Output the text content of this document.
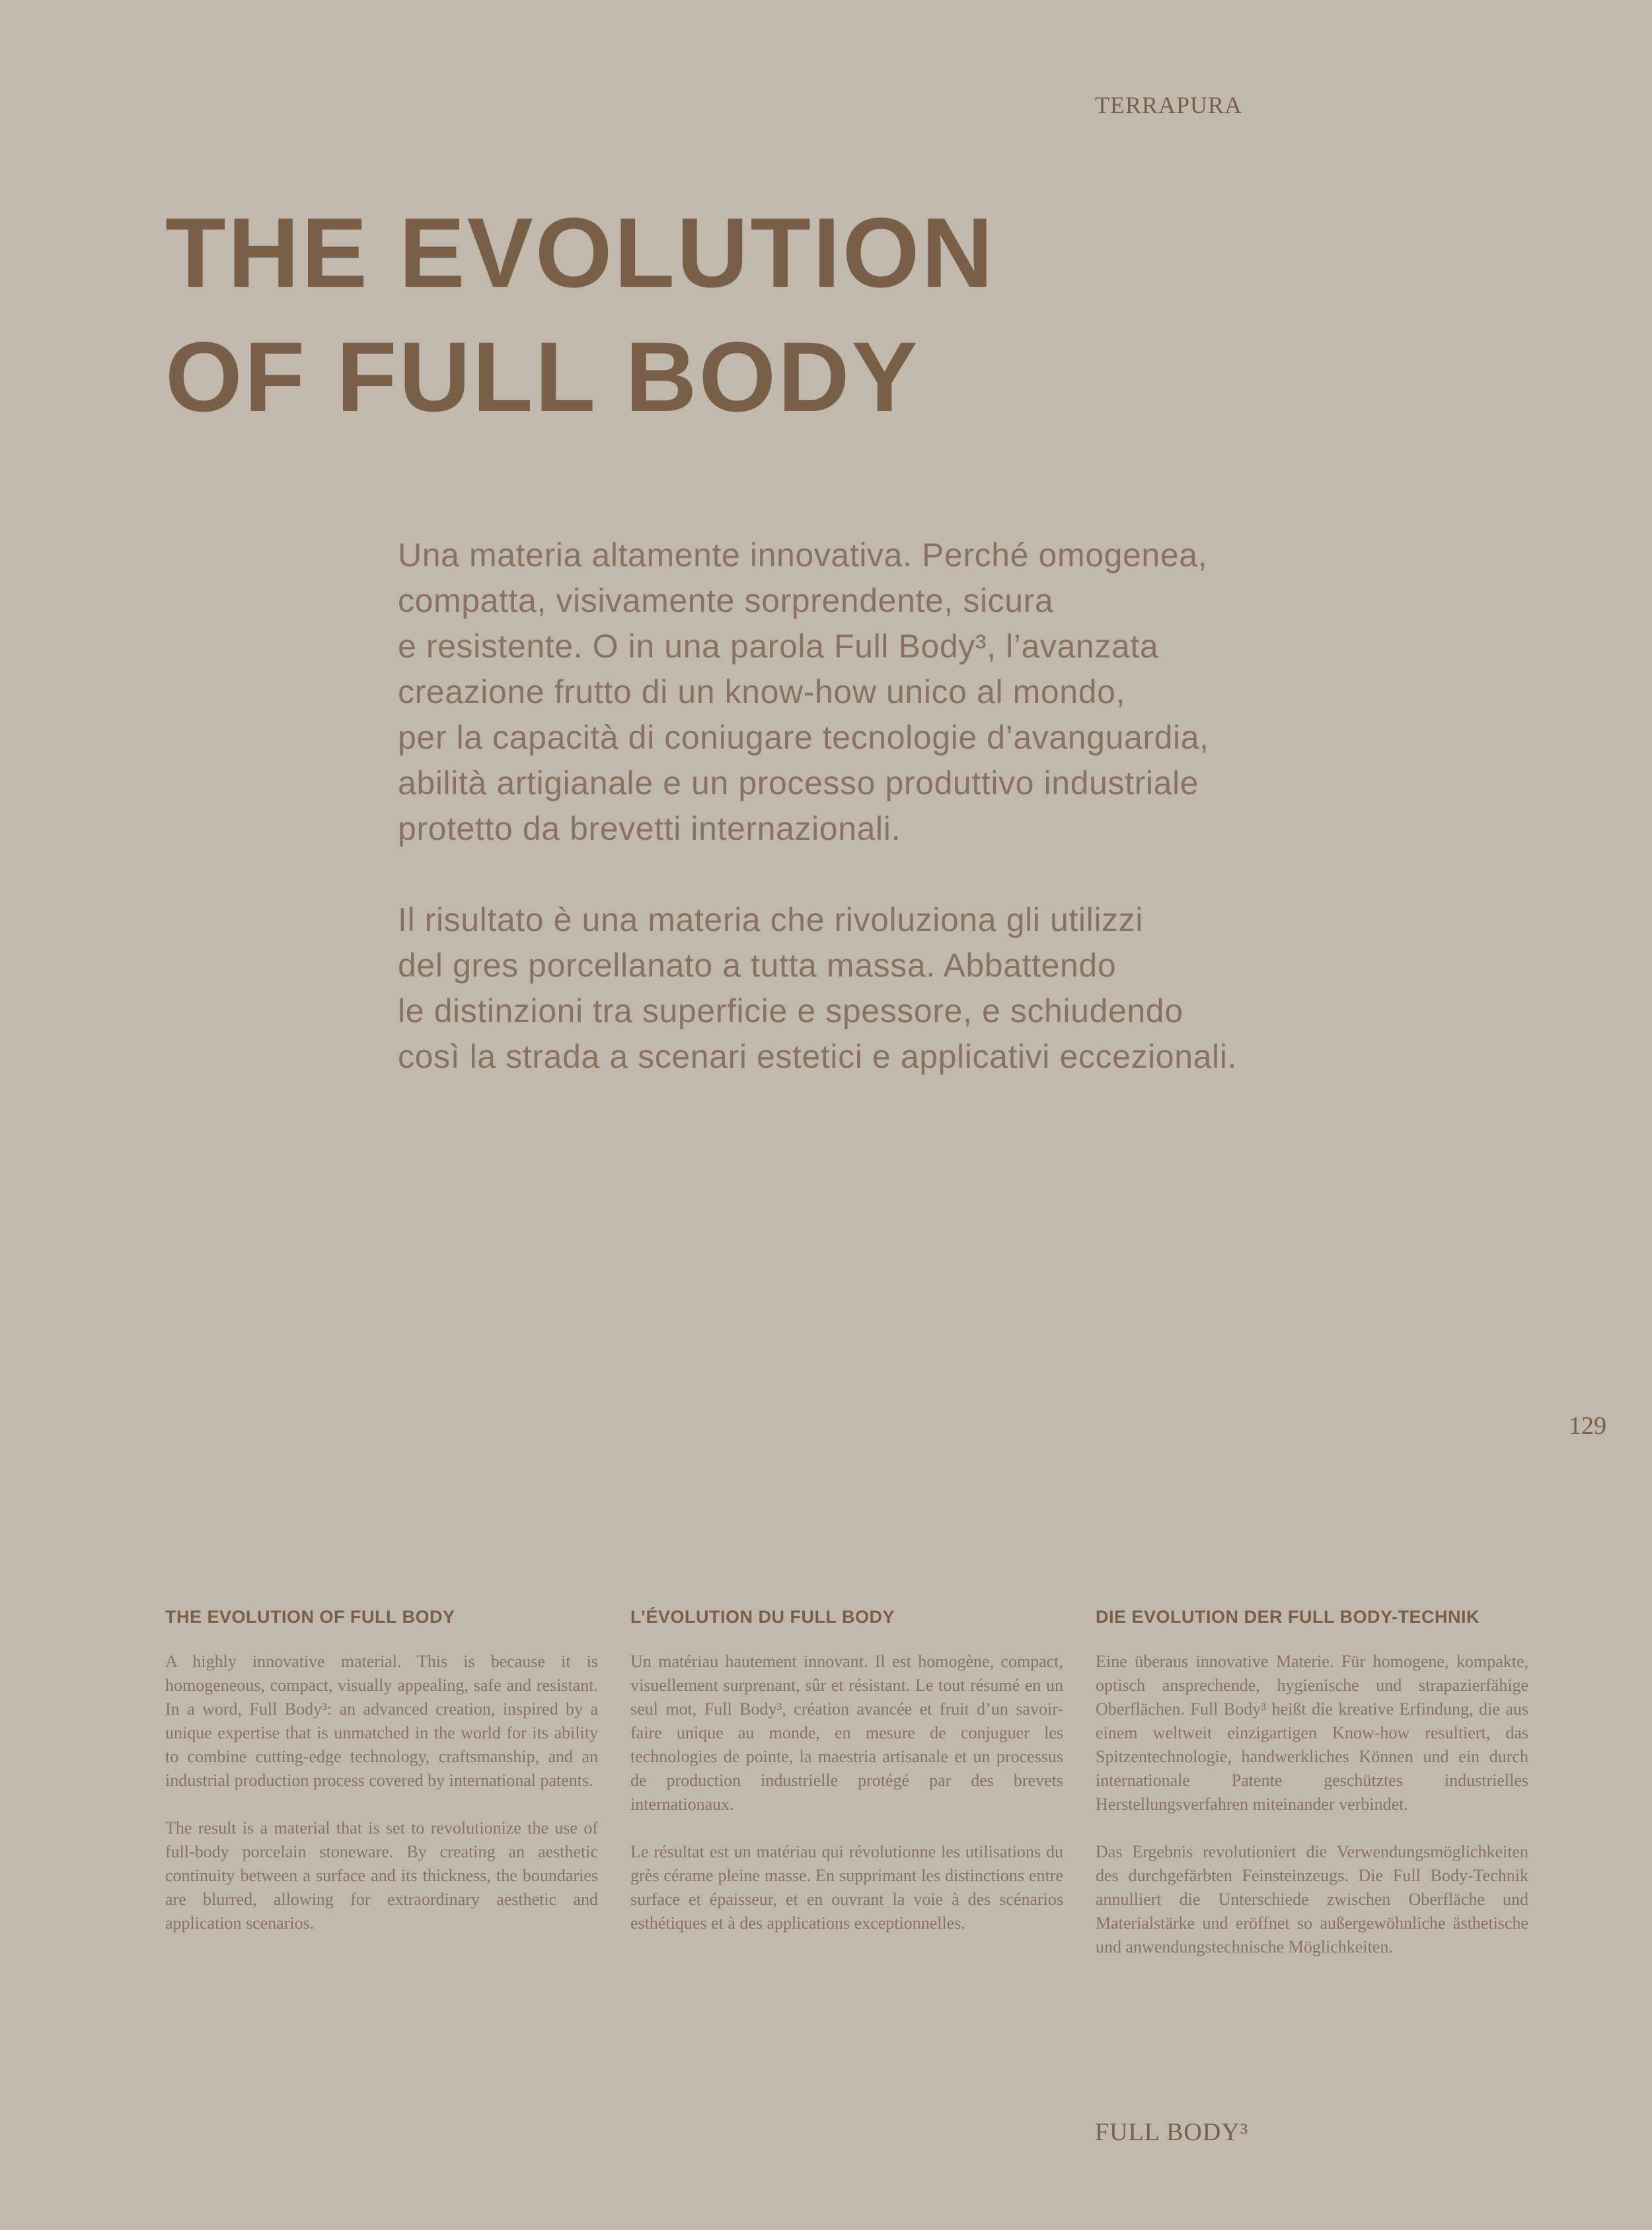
TERRAPURA
THE EVOLUTION
OF FULL BODY

Una materia altamente innovativa. Perché omogenea,
compatta, visivamente sorprendente, sicura
e resistente. O in una parola Full Body³, l’avanzata
creazione frutto di un know-how unico al mondo,
per la capacità di coniugare tecnologie d’avanguardia,
abilità artigianale e un processo produttivo industriale
protetto da brevetti internazionali.

Il risultato è una materia che rivoluziona gli utilizzi
del gres porcellanato a tutta massa. Abbattendo
le distinzioni tra superficie e spessore, e schiudendo
così la strada a scenari estetici e applicativi eccezionali.

129
THE EVOLUTION OF FULL BODY

A highly innovative material. This is because it is homogeneous, compact, visually appealing, safe and resistant. In a word, Full Body³: an advanced creation, inspired by a unique expertise that is unmatched in the world for its ability to combine cutting-edge technology, craftsmanship, and an industrial production process covered by international patents.

The result is a material that is set to revolutionize the use of full-body porcelain stoneware. By creating an aesthetic continuity between a surface and its thickness, the boundaries are blurred, allowing for extraordinary aesthetic and application scenarios.

L’ÉVOLUTION DU FULL BODY

Un matériau hautement innovant. Il est homogène, compact, visuellement surprenant, sûr et résistant. Le tout résumé en un seul mot, Full Body³, création avancée et fruit d’un savoir-faire unique au monde, en mesure de conjuguer les technologies de pointe, la maestria artisanale et un processus de production industrielle protégé par des brevets internationaux.

Le résultat est un matériau qui révolutionne les utilisations du grès cérame pleine masse. En supprimant les distinctions entre surface et épaisseur, et en ouvrant la voie à des scénarios esthétiques et à des applications exceptionnelles.

DIE EVOLUTION DER FULL BODY-TECHNIK

Eine überaus innovative Materie. Für homogene, kompakte, optisch ansprechende, hygienische und strapazierfähige Oberflächen. Full Body³ heißt die kreative Erfindung, die aus einem weltweit einzigartigen Know-how resultiert, das Spitzentechnologie, handwerkliches Können und ein durch internationale Patente geschütztes industrielles Herstellungsverfahren miteinander verbindet.

Das Ergebnis revolutioniert die Verwendungsmöglichkeiten des durchgefärbten Feinsteinzeugs. Die Full Body-Technik annulliert die Unterschiede zwischen Oberfläche und Materialstärke und eröffnet so außergewöhnliche ästhetische und anwendungstechnische Möglichkeiten.

FULL BODY³
